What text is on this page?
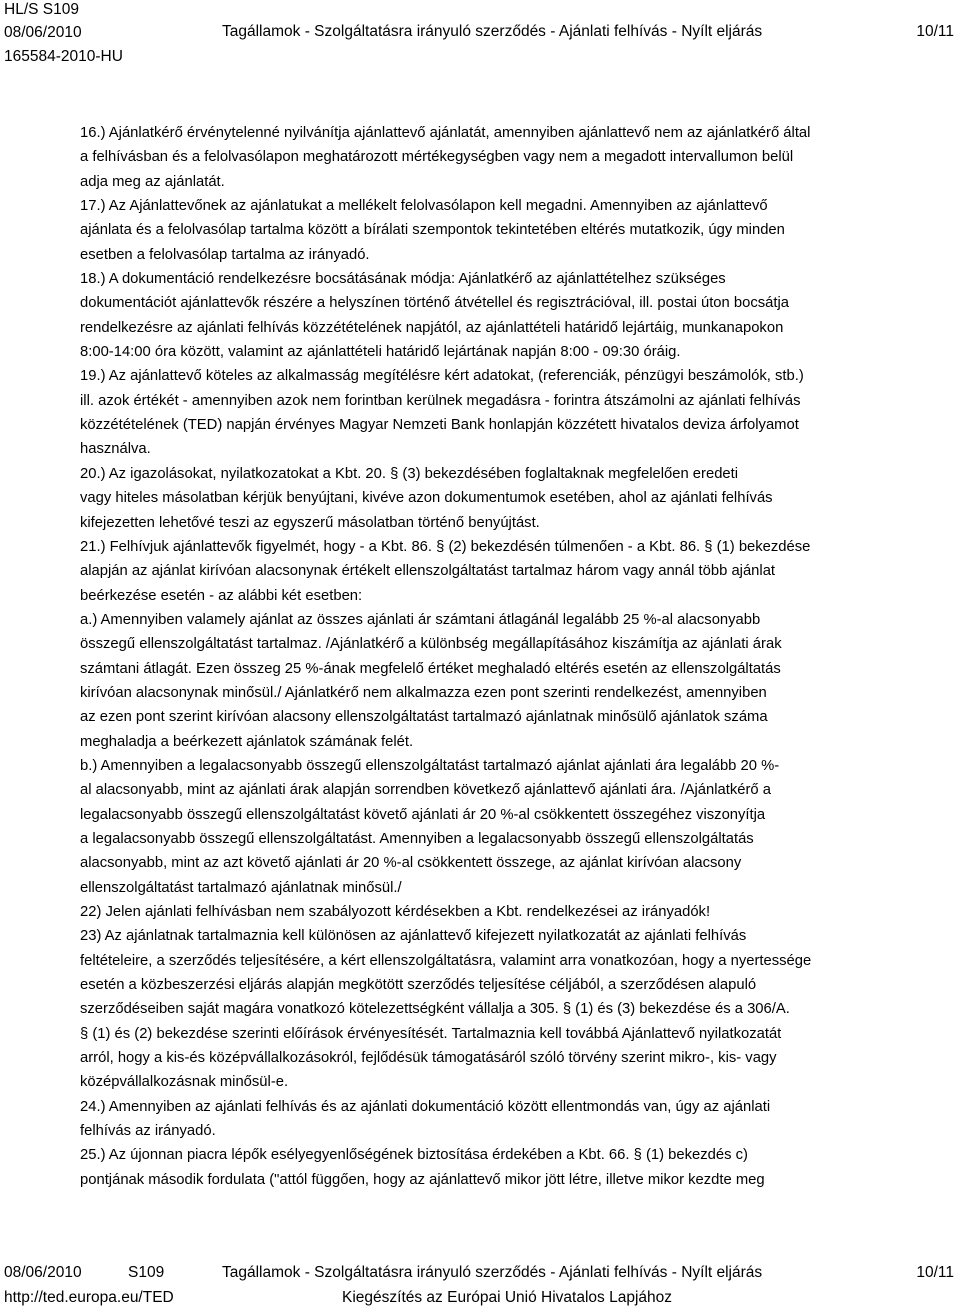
HL/S S109
08/06/2010	Tagállamok - Szolgáltatásra irányuló szerződés - Ajánlati felhívás - Nyílt eljárás	10/11
165584-2010-HU

16.) Ajánlatkérő érvénytelenné nyilvánítja ajánlattevő ajánlatát, amennyiben ajánlattevő nem az ajánlatkérő által

a felhívásban és a felolvasólapon meghatározott mértékegységben vagy nem a megadott intervallumon belül

adja meg az ajánlatát.

17.) Az Ajánlattevőnek az ajánlatukat a mellékelt felolvasólapon kell megadni. Amennyiben az ajánlattevő

ajánlata és a felolvasólap tartalma között a bírálati szempontok tekintetében eltérés mutatkozik, úgy minden

esetben a felolvasólap tartalma az irányadó.

18.) A dokumentáció rendelkezésre bocsátásának módja: Ajánlatkérő az ajánlattételhez szükséges

dokumentációt ajánlattevők részére a helyszínen történő átvétellel és regisztrációval, ill. postai úton bocsátja

rendelkezésre az ajánlati felhívás közzétételének napjától, az ajánlattételi határidő lejártáig, munkanapokon

8:00-14:00 óra között, valamint az ajánlattételi határidő lejártának napján 8:00 - 09:30 óráig.

19.) Az ajánlattevő köteles az alkalmasság megítélésre kért adatokat, (referenciák, pénzügyi beszámolók, stb.)

ill. azok értékét - amennyiben azok nem forintban kerülnek megadásra - forintra átszámolni az ajánlati felhívás

közzétételének (TED) napján érvényes Magyar Nemzeti Bank honlapján közzétett hivatalos deviza árfolyamot

használva.

20.) Az igazolásokat, nyilatkozatokat a Kbt. 20. § (3) bekezdésében foglaltaknak megfelelően eredeti

vagy hiteles másolatban kérjük benyújtani, kivéve azon dokumentumok esetében, ahol az ajánlati felhívás

kifejezetten lehetővé teszi az egyszerű másolatban történő benyújtást.

21.) Felhívjuk ajánlattevők figyelmét, hogy - a Kbt. 86. § (2) bekezdésén túlmenően - a Kbt. 86. § (1) bekezdése

alapján az ajánlat kirívóan alacsonynak értékelt ellenszolgáltatást tartalmaz három vagy annál több ajánlat

beérkezése esetén - az alábbi két esetben:

a.) Amennyiben valamely ajánlat az összes ajánlati ár számtani átlagánál legalább 25 %-al alacsonyabb

összegű ellenszolgáltatást tartalmaz. /Ajánlatkérő a különbség megállapításához kiszámítja az ajánlati árak

számtani átlagát. Ezen összeg 25 %-ának megfelelő értéket meghaladó eltérés esetén az ellenszolgáltatás

kirívóan alacsonynak minősül./ Ajánlatkérő nem alkalmazza ezen pont szerinti rendelkezést, amennyiben

az ezen pont szerint kirívóan alacsony ellenszolgáltatást tartalmazó ajánlatnak minősülő ajánlatok száma

meghaladja a beérkezett ajánlatok számának felét.

b.) Amennyiben a legalacsonyabb összegű ellenszolgáltatást tartalmazó ajánlat ajánlati ára legalább 20 %-

al alacsonyabb, mint az ajánlati árak alapján sorrendben következő ajánlattevő ajánlati ára. /Ajánlatkérő a

legalacsonyabb összegű ellenszolgáltatást követő ajánlati ár 20 %-al csökkentett összegéhez viszonyítja

a legalacsonyabb összegű ellenszolgáltatást. Amennyiben a legalacsonyabb összegű ellenszolgáltatás

alacsonyabb, mint az azt követő ajánlati ár 20 %-al csökkentett összege, az ajánlat kirívóan alacsony

ellenszolgáltatást tartalmazó ajánlatnak minősül./

22) Jelen ajánlati felhívásban nem szabályozott kérdésekben a Kbt. rendelkezései az irányadók!

23) Az ajánlatnak tartalmaznia kell különösen az ajánlattevő kifejezett nyilatkozatát az ajánlati felhívás

feltételeire, a szerződés teljesítésére, a kért ellenszolgáltatásra, valamint arra vonatkozóan, hogy a nyertessége

esetén a közbeszerzési eljárás alapján megkötött szerződés teljesítése céljából, a szerződésen alapuló

szerződéseiben saját magára vonatkozó kötelezettségként vállalja a 305. § (1) és (3) bekezdése és a 306/A.

§ (1) és (2) bekezdése szerinti előírások érvényesítését. Tartalmaznia kell továbbá Ajánlattevő nyilatkozatát

arról, hogy a kis-és középvállalkozásokról, fejlődésük támogatásáról szóló törvény szerint mikro-, kis- vagy

középvállalkozásnak minősül-e.

24.) Amennyiben az ajánlati felhívás és az ajánlati dokumentáció között ellentmondás van, úgy az ajánlati

felhívás az irányadó.

25.) Az újonnan piacra lépők esélyegyenlőségének biztosítása érdekében a Kbt. 66. § (1) bekezdés c)

pontjának második fordulata ("attól függően, hogy az ajánlattevő mikor jött létre, illetve mikor kezdte meg

08/06/2010	S109	Tagállamok - Szolgáltatásra irányuló szerződés - Ajánlati felhívás - Nyílt eljárás	10/11
http://ted.europa.eu/TED	Kiegészítés az Európai Unió Hivatalos Lapjához
